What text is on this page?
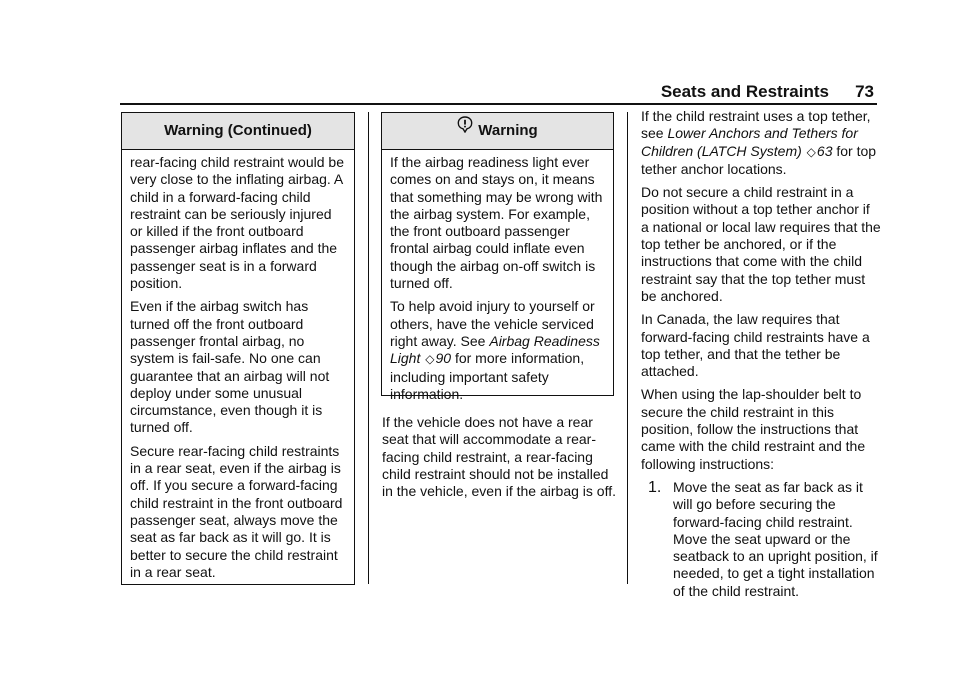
Seats and Restraints 73
Warning (Continued)

rear-facing child restraint would be very close to the inflating airbag. A child in a forward-facing child restraint can be seriously injured or killed if the front outboard passenger airbag inflates and the passenger seat is in a forward position.

Even if the airbag switch has turned off the front outboard passenger frontal airbag, no system is fail-safe. No one can guarantee that an airbag will not deploy under some unusual circumstance, even though it is turned off.

Secure rear-facing child restraints in a rear seat, even if the airbag is off. If you secure a forward-facing child restraint in the front outboard passenger seat, always move the seat as far back as it will go. It is better to secure the child restraint in a rear seat.

Warning

If the airbag readiness light ever comes on and stays on, it means that something may be wrong with the airbag system. For example, the front outboard passenger frontal airbag could inflate even though the airbag on-off switch is turned off.

To help avoid injury to yourself or others, have the vehicle serviced right away. See Airbag Readiness Light ◇90 for more information, including important safety information.

If the vehicle does not have a rear seat that will accommodate a rear-facing child restraint, a rear-facing child restraint should not be installed in the vehicle, even if the airbag is off.

If the child restraint uses a top tether, see Lower Anchors and Tethers for Children (LATCH System) ◇63 for top tether anchor locations.

Do not secure a child restraint in a position without a top tether anchor if a national or local law requires that the top tether be anchored, or if the instructions that come with the child restraint say that the top tether must be anchored.

In Canada, the law requires that forward-facing child restraints have a top tether, and that the tether be attached.

When using the lap-shoulder belt to secure the child restraint in this position, follow the instructions that came with the child restraint and the following instructions:

1. Move the seat as far back as it will go before securing the forward-facing child restraint. Move the seat upward or the seatback to an upright position, if needed, to get a tight installation of the child restraint.
